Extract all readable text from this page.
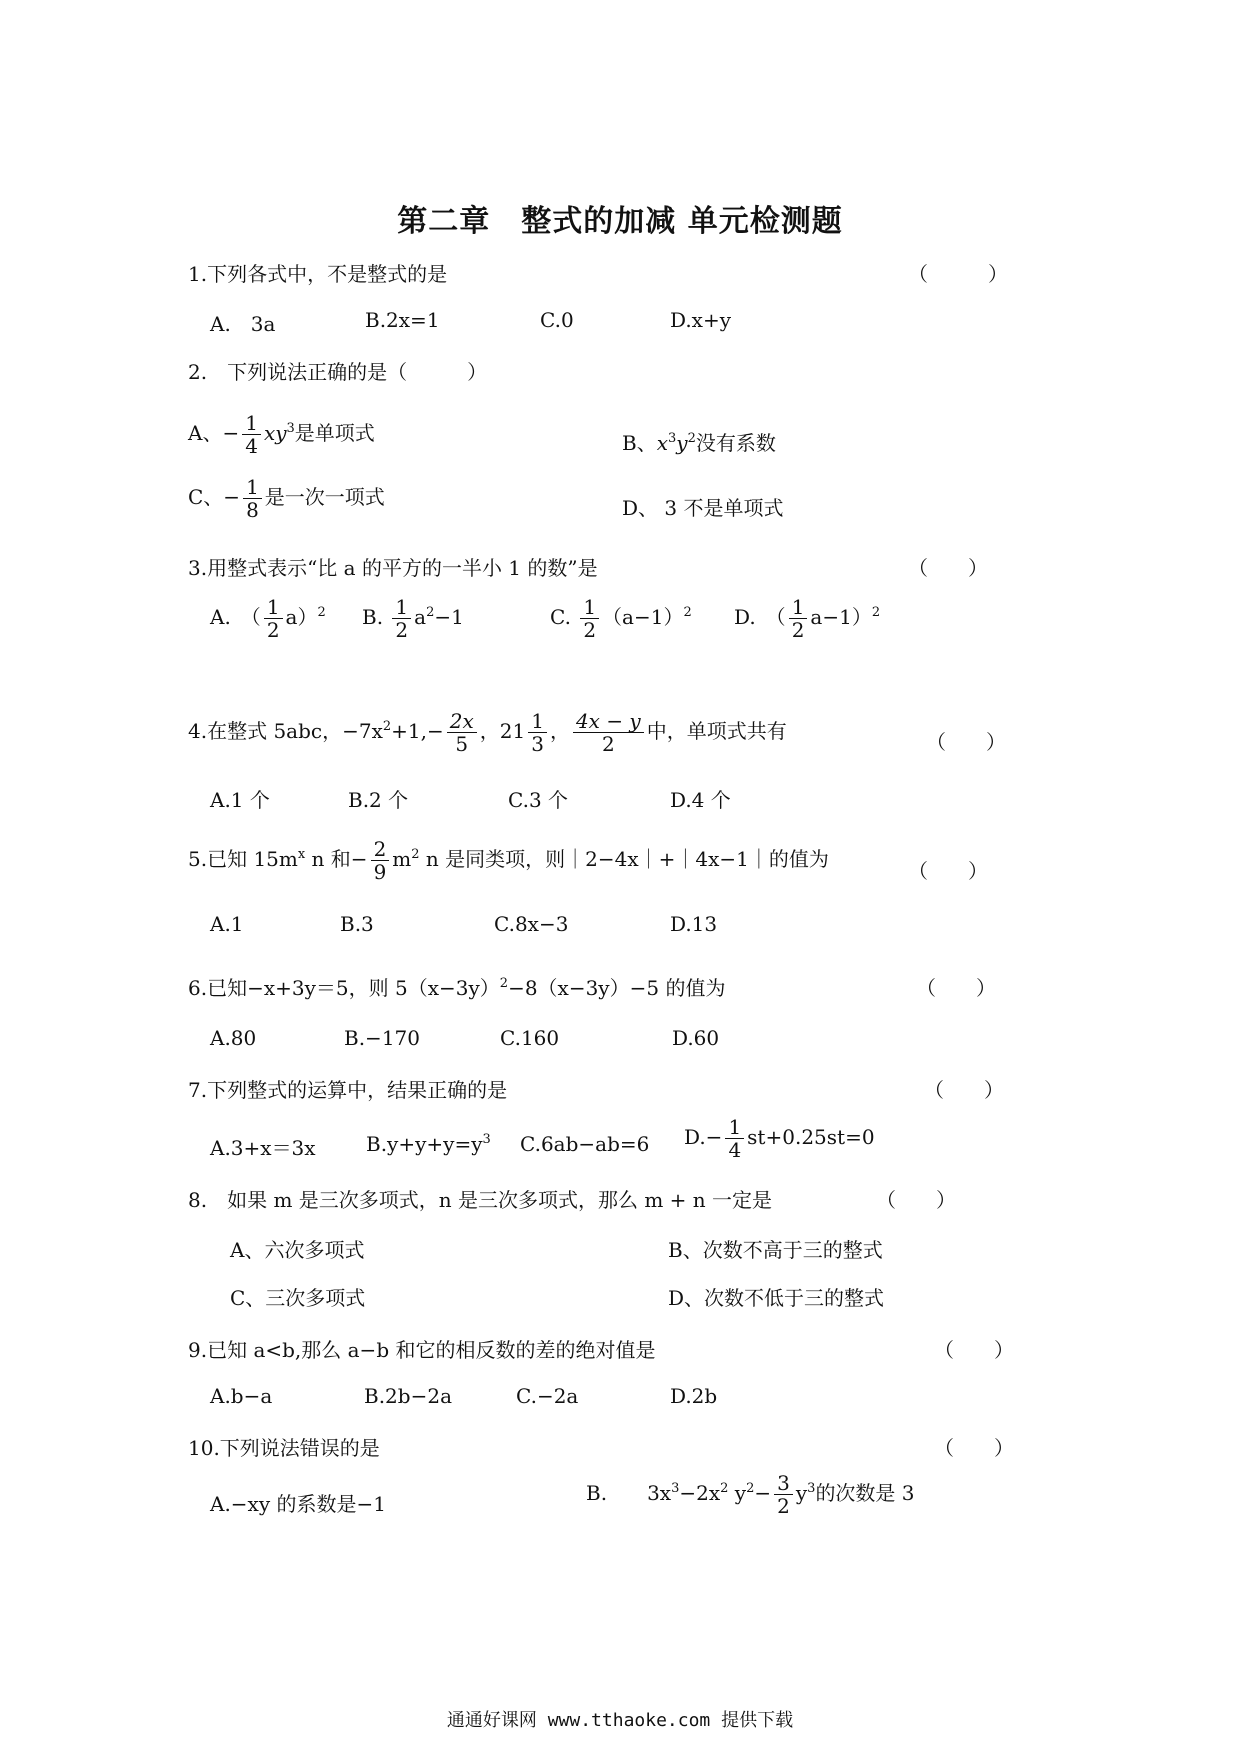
第二章　整式的加减 单元检测题
1.下列各式中，不是整式的是	（　　　）
A.　3a	B.2x=1	C.0	D.x+y
2.　下列说法正确的是（　　　）
A、− $\frac{1}{4} xy^3$是单项式	B、$x^3y^2$没有系数
C、− $\frac{1}{8}$ 是一次一项式	D、 3 不是单项式
3.用整式表示“比 a 的平方的一半小 1 的数”是	（　　）
A.　（ $\frac{1}{2} a)^2$ B. $\frac{1}{2} a^2-1$	C. $\frac{1}{2} (a-1)^2$ D.　（ $\frac{1}{2} a-1)^2$
4.在整式 5abc，$-7x^2+1,- \frac{2x}{5}$ ，$21 \frac{1}{3}$ ， $\frac{4x - y}{2}$ 中，单项式共有	（　　）
A.1 个	B.2 个	C.3 个	D.4 个
5.已知 $15m^x$ n 和− $\frac{2}{9} m^2$ n 是同类项，则｜2−4x｜+｜4x−1｜的值为	（　　）
A.1	B.3	C.8x−3	D.13
6.已知−x+3y＝5，则 $5(x-3y)^2-8(x-3y)-5$ 的值为	（　　）
A.80	B.−170	C.160	D.60
7.下列整式的运算中，结果正确的是	（　　）
A.3+x＝3x	$B.y+y+y=y^3$ C.6ab−ab=6 $D.- \frac{1}{4} st+0.25st=0$
8.　如果 m 是三次多项式，n 是三次多项式，那么 m + n 一定是	（　　）
A、六次多项式	B、次数不高于三的整式
C、三次多项式	D、次数不低于三的整式
9.已知 a<b,那么 a−b 和它的相反数的差的绝对值是	（　　）
A.b−a	B.2b−2a	C.−2a	D.2b
10.下列说法错误的是	（　　）
A.−xy 的系数是−1	B.　　 $3x^3-2x^2$ $y^2- \frac{3}{2} y^3$的次数是 3
通通好课网 www.tthaoke.com 提供下载
